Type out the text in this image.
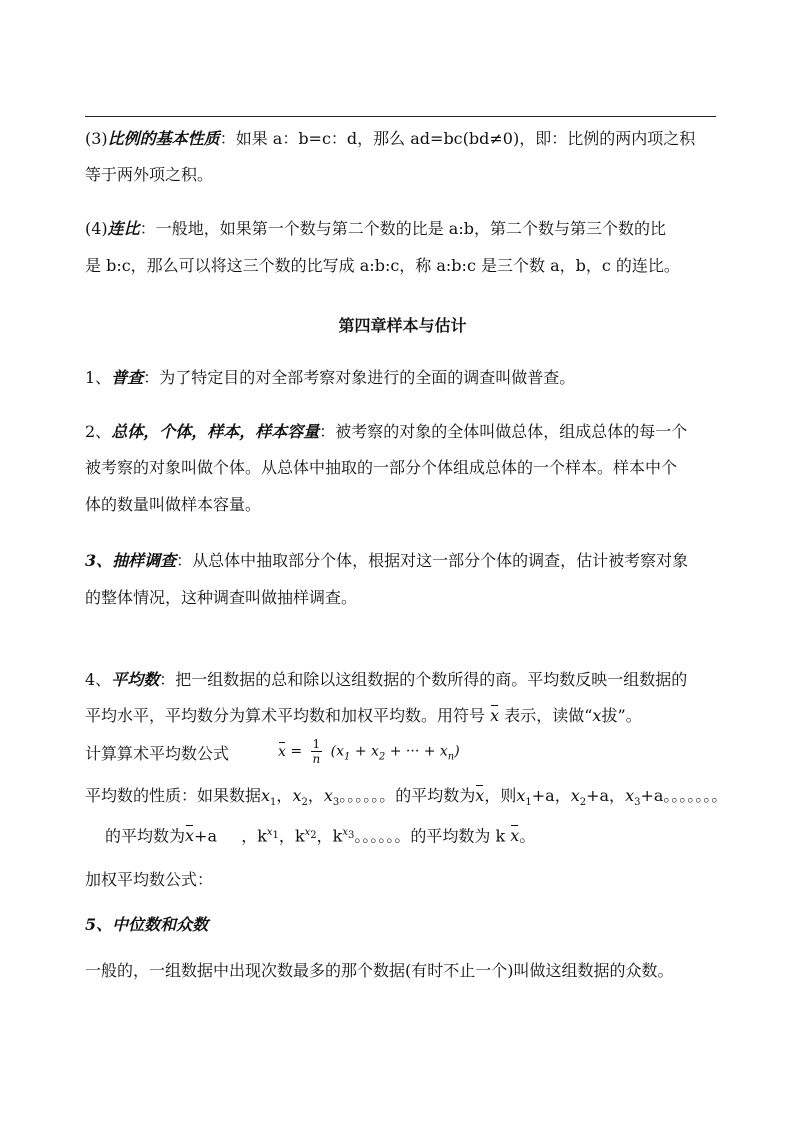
(3)比例的基本性质：如果 a：b=c：d，那么 ad=bc(bd≠0)，即：比例的两内项之积
等于两外项之积。
(4)连比：一般地，如果第一个数与第二个数的比是 a:b，第二个数与第三个数的比
是 b:c，那么可以将这三个数的比写成 a:b:c，称 a:b:c 是三个数 a，b，c 的连比。
第四章样本与估计
1、普查：为了特定目的对全部考察对象进行的全面的调查叫做普查。
2、总体，个体，样本，样本容量：被考察的对象的全体叫做总体，组成总体的每一个
被考察的对象叫做个体。从总体中抽取的一部分个体组成总体的一个样本。样本中个
体的数量叫做样本容量。
3、抽样调查：从总体中抽取部分个体，根据对这一部分个体的调查，估计被考察对象
的整体情况，这种调查叫做抽样调查。
4、平均数：把一组数据的总和除以这组数据的个数所得的商。平均数反映一组数据的
平均水平，平均数分为算术平均数和加权平均数。用符号 x 表示，读做“x拔”。
计算算术平均数公式	$x = \frac{1}{n} (x_1 + x_2$ + ··· + $x_n$)
平均数的性质：如果数据$x_1$，$x_2$，$x_3$。。。。。。的平均数为x，则$x_1+a$，$x_2+a$，$x_3+a$。。。。。。。
的平均数为x+a ，$k^{x_1}$，$k^{x_2}$，$k^{x_3}$。。。。。。的平均数为 k x。
加权平均数公式：
5、中位数和众数
一般的，一组数据中出现次数最多的那个数据(有时不止一个)叫做这组数据的众数。
